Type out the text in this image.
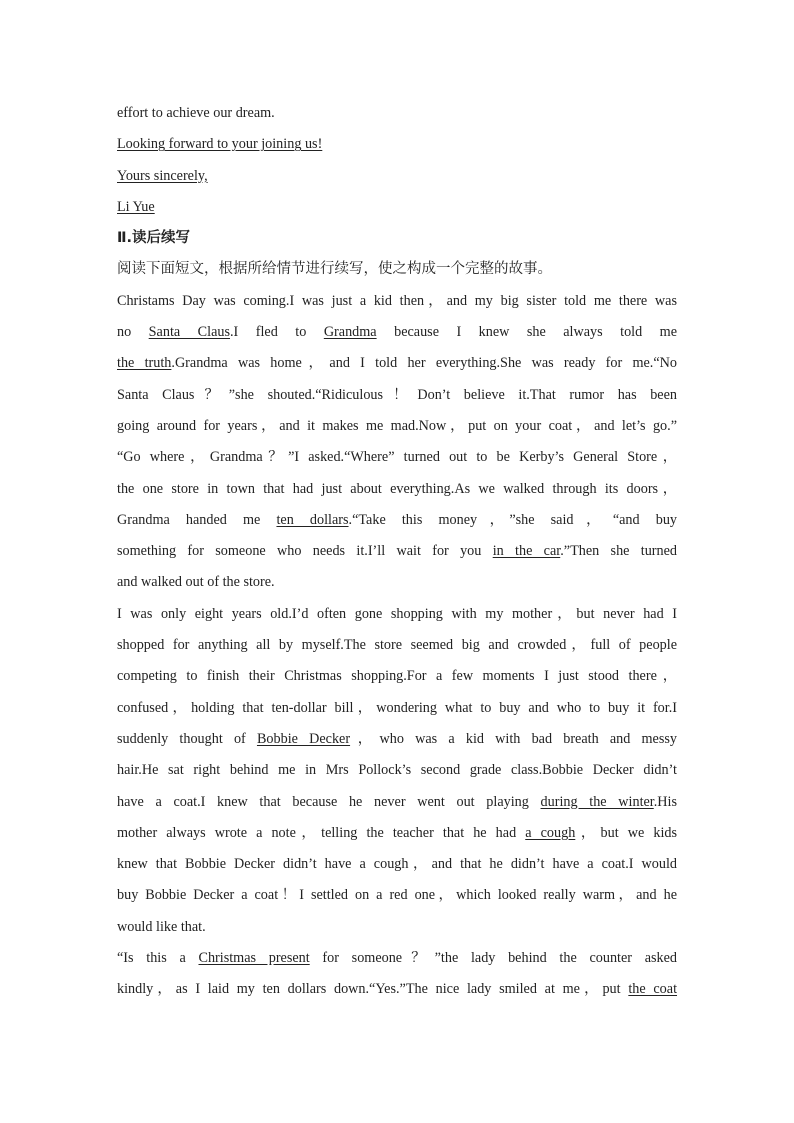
effort to achieve our dream.
Looking forward to your joining us!
Yours sincerely,
Li Yue
Ⅱ.读后续写
阅读下面短文，根据所给情节进行续写，使之构成一个完整的故事。
Christams Day was coming.I was just a kid then，and my big sister told me there was
no Santa Claus.I fled to Grandma because I knew she always told me
the truth.Grandma was home，and I told her everything.She was ready for me.“No
Santa Claus？”she shouted.“Ridiculous！Don’t believe it.That rumor has been
going around for years，and it makes me mad.Now，put on your coat，and let’s go.”
“Go where，Grandma？”I asked.“Where” turned out to be Kerby’s General Store，
the one store in town that had just about everything.As we walked through its doors，
Grandma handed me ten dollars.“Take this money，”she said，“and buy
something for someone who needs it.I’ll wait for you in the car.”Then she turned
and walked out of the store.
I was only eight years old.I’d often gone shopping with my mother，but never had I
shopped for anything all by myself.The store seemed big and crowded，full of people
competing to finish their Christmas shopping.For a few moments I just stood there，
confused，holding that ten-dollar bill，wondering what to buy and who to buy it for.I
suddenly thought of Bobbie Decker，who was a kid with bad breath and messy
hair.He sat right behind me in Mrs Pollock’s second grade class.Bobbie Decker didn’t
have a coat.I knew that because he never went out playing during the winter.His
mother always wrote a note，telling the teacher that he had a cough，but we kids
knew that Bobbie Decker didn’t have a cough，and that he didn’t have a coat.I would
buy Bobbie Decker a coat！I settled on a red one，which looked really warm，and he
would like that.
“Is this a Christmas present for someone？”the lady behind the counter asked
kindly，as I laid my ten dollars down.“Yes.”The nice lady smiled at me，put the coat
